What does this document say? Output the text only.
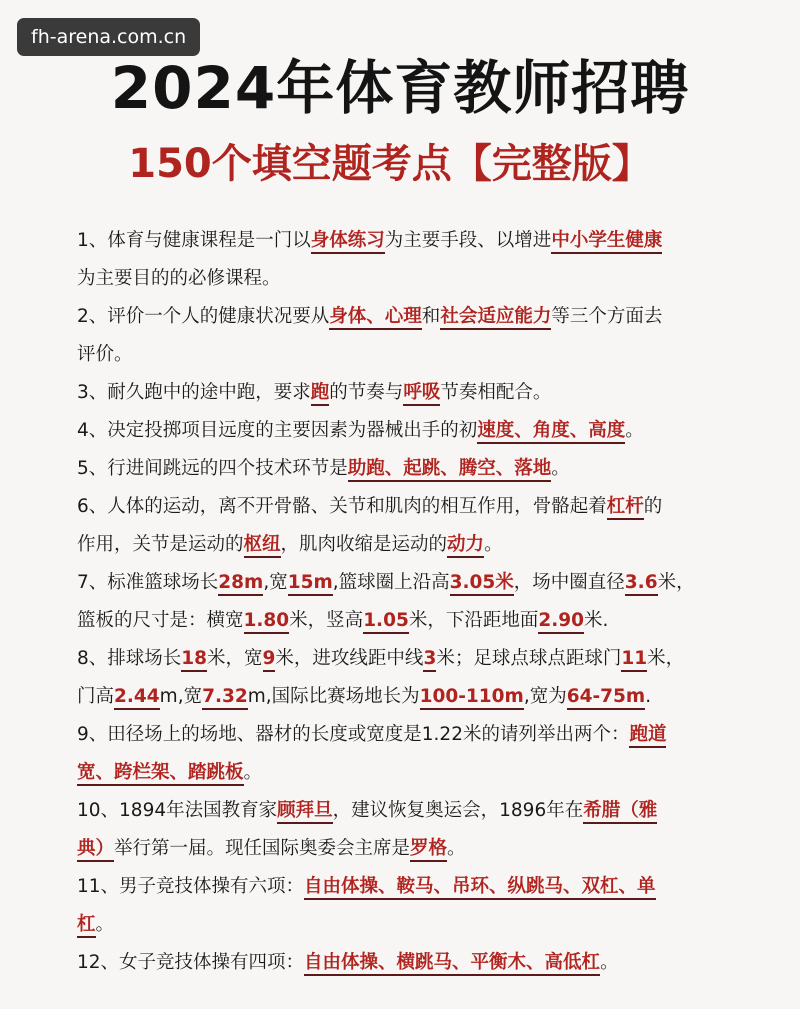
fh-arena.com.cn
2024年体育教师招聘
150个填空题考点【完整版】
1、体育与健康课程是一门以身体练习为主要手段、以增进中小学生健康
为主要目的的必修课程。
2、评价一个人的健康状况要从身体、心理和社会适应能力等三个方面去
评价。
3、耐久跑中的途中跑，要求跑的节奏与呼吸节奏相配合。
4、决定投掷项目远度的主要因素为器械出手的初速度、角度、高度。
5、行进间跳远的四个技术环节是助跑、起跳、腾空、落地。
6、人体的运动，离不开骨骼、关节和肌肉的相互作用，骨骼起着杠杆的
作用，关节是运动的枢纽，肌肉收缩是运动的动力。
7、标准篮球场长28m,宽15m,篮球圈上沿高3.05米，场中圈直径3.6米，
篮板的尺寸是：横宽1.80米，竖高1.05米，下沿距地面2.90米.
8、排球场长18米，宽9米，进攻线距中线3米；足球点球点距球门11米，
门高2.44m,宽7.32m,国际比赛场地长为100-110m,宽为64-75m.
9、田径场上的场地、器材的长度或宽度是1.22米的请列举出两个：跑道
宽、跨栏架、踏跳板。
10、1894年法国教育家顾拜旦，建议恢复奥运会，1896年在希腊（雅
典）举行第一届。现任国际奥委会主席是罗格。
11、男子竞技体操有六项：自由体操、鞍马、吊环、纵跳马、双杠、单
杠。
12、女子竞技体操有四项：自由体操、横跳马、平衡木、高低杠。
